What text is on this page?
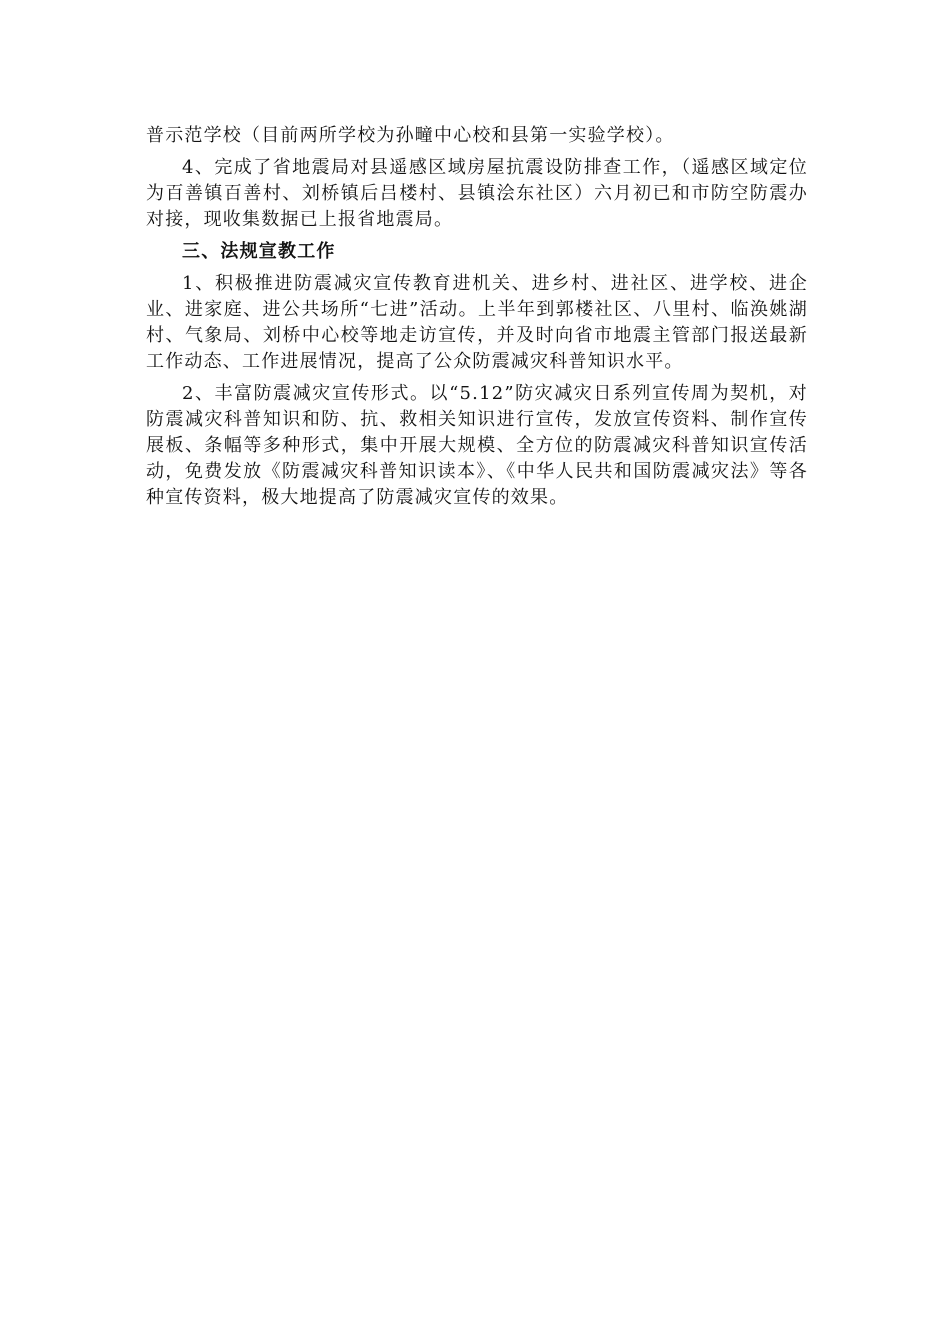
普示范学校（目前两所学校为孙疃中心校和县第一实验学校）。

4、完成了省地震局对县遥感区域房屋抗震设防排查工作，（遥感区域定位为百善镇百善村、刘桥镇后吕楼村、县镇浍东社区）六月初已和市防空防震办对接，现收集数据已上报省地震局。

三、法规宣教工作

1、积极推进防震减灾宣传教育进机关、进乡村、进社区、进学校、进企业、进家庭、进公共场所“七进”活动。上半年到郭楼社区、八里村、临涣姚湖村、气象局、刘桥中心校等地走访宣传，并及时向省市地震主管部门报送最新工作动态、工作进展情况，提高了公众防震减灾科普知识水平。

2、丰富防震减灾宣传形式。以“5.12”防灾减灾日系列宣传周为契机，对防震减灾科普知识和防、抗、救相关知识进行宣传，发放宣传资料、制作宣传展板、条幅等多种形式，集中开展大规模、全方位的防震减灾科普知识宣传活动，免费发放《防震减灾科普知识读本》、《中华人民共和国防震减灾法》等各种宣传资料，极大地提高了防震减灾宣传的效果。
